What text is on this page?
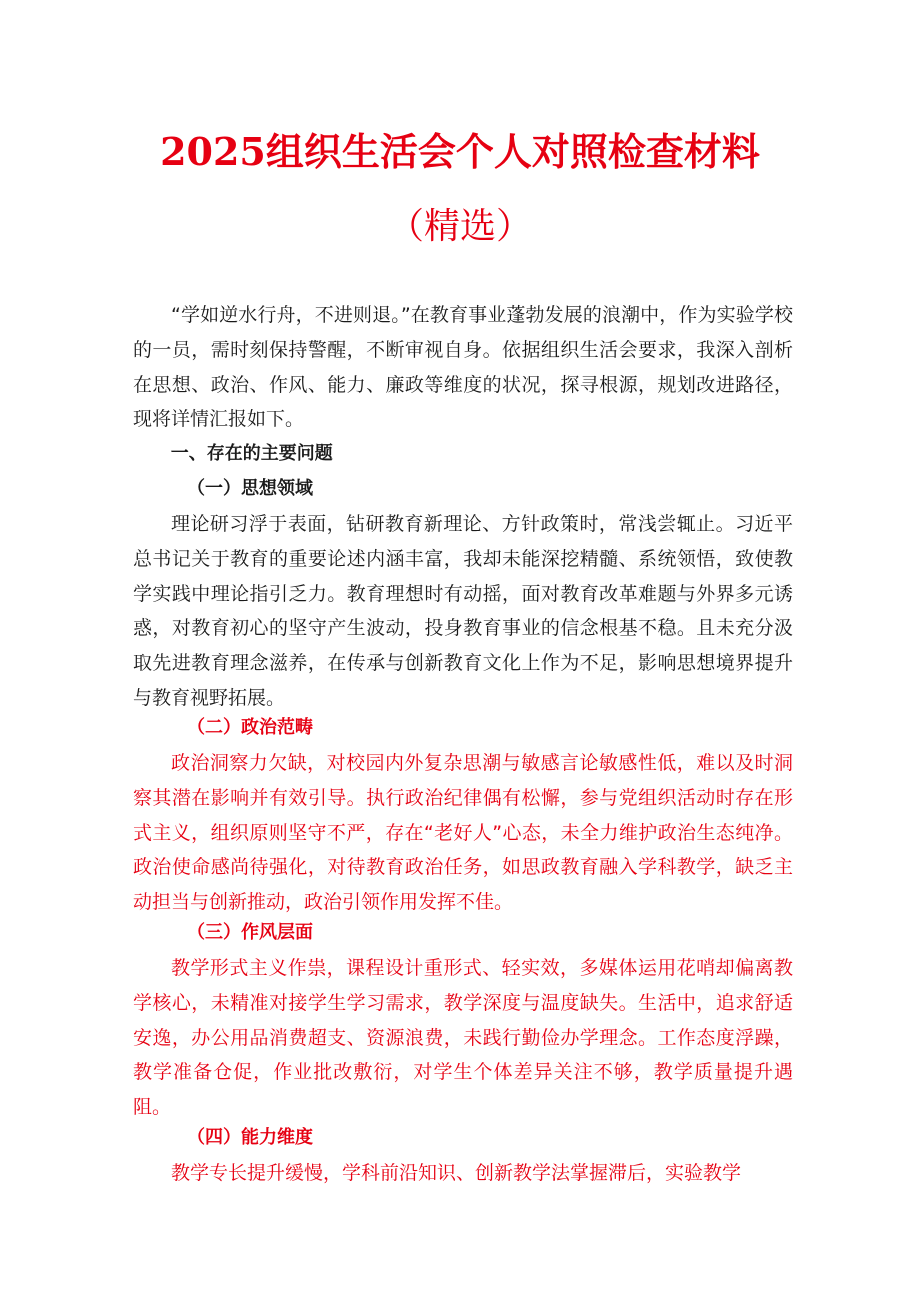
2025组织生活会个人对照检查材料
（精选）

“学如逆水行舟，不进则退。”在教育事业蓬勃发展的浪潮中，作为实验学校的一员，需时刻保持警醒，不断审视自身。依据组织生活会要求，我深入剖析在思想、政治、作风、能力、廉政等维度的状况，探寻根源，规划改进路径，现将详情汇报如下。

一、存在的主要问题

（一）思想领域

理论研习浮于表面，钻研教育新理论、方针政策时，常浅尝辄止。习近平总书记关于教育的重要论述内涵丰富，我却未能深挖精髓、系统领悟，致使教学实践中理论指引乏力。教育理想时有动摇，面对教育改革难题与外界多元诱惑，对教育初心的坚守产生波动，投身教育事业的信念根基不稳。且未充分汲取先进教育理念滋养，在传承与创新教育文化上作为不足，影响思想境界提升与教育视野拓展。

（二）政治范畴

政治洞察力欠缺，对校园内外复杂思潮与敏感言论敏感性低，难以及时洞察其潜在影响并有效引导。执行政治纪律偶有松懈，参与党组织活动时存在形式主义，组织原则坚守不严，存在“老好人”心态，未全力维护政治生态纯净。政治使命感尚待强化，对待教育政治任务，如思政教育融入学科教学，缺乏主动担当与创新推动，政治引领作用发挥不佳。

（三）作风层面

教学形式主义作祟，课程设计重形式、轻实效，多媒体运用花哨却偏离教学核心，未精准对接学生学习需求，教学深度与温度缺失。生活中，追求舒适安逸，办公用品消费超支、资源浪费，未践行勤俭办学理念。工作态度浮躁，教学准备仓促，作业批改敷衍，对学生个体差异关注不够，教学质量提升遇阻。

（四）能力维度

教学专长提升缓慢，学科前沿知识、创新教学法掌握滞后，实验教学
